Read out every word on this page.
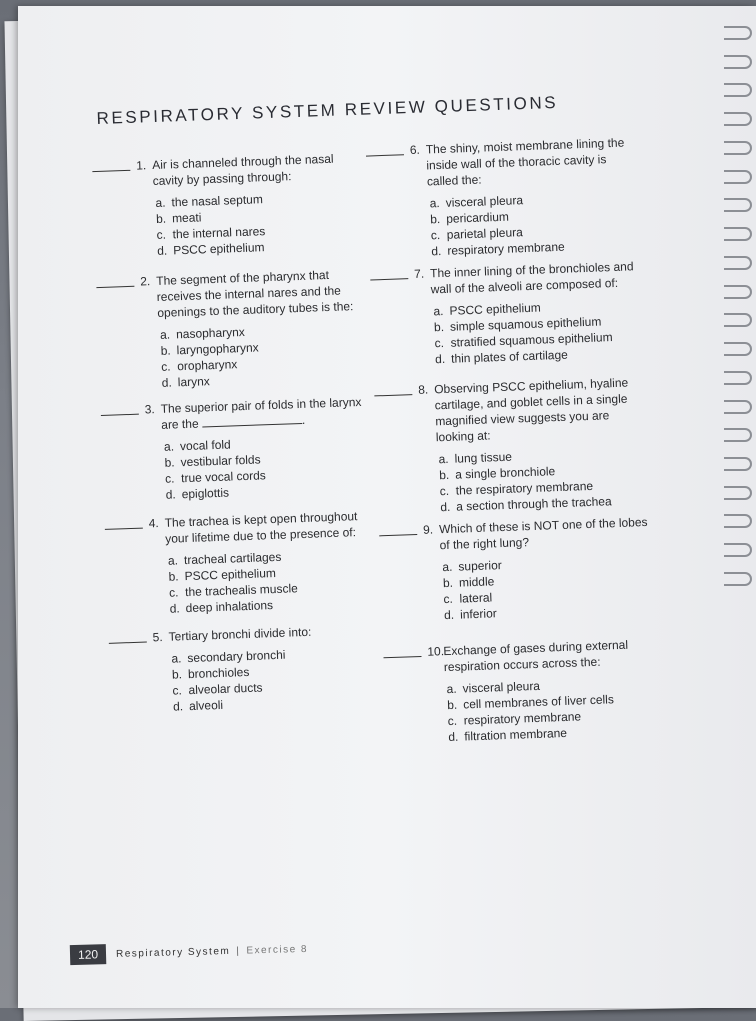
RESPIRATORY SYSTEM REVIEW QUESTIONS
1. Air is channeled through the nasal cavity by passing through:
a. the nasal septum
b. meati
c. the internal nares
d. PSCC epithelium
2. The segment of the pharynx that receives the internal nares and the openings to the auditory tubes is the:
a. nasopharynx
b. laryngopharynx
c. oropharynx
d. larynx
3. The superior pair of folds in the larynx are the	.
a. vocal fold
b. vestibular folds
c. true vocal cords
d. epiglottis
4. The trachea is kept open throughout your lifetime due to the presence of:
a. tracheal cartilages
b. PSCC epithelium
c. the trachealis muscle
d. deep inhalations
5. Tertiary bronchi divide into:
a. secondary bronchi
b. bronchioles
c. alveolar ducts
d. alveoli
6. The shiny, moist membrane lining the inside wall of the thoracic cavity is called the:
a. visceral pleura
b. pericardium
c. parietal pleura
d. respiratory membrane
7. The inner lining of the bronchioles and wall of the alveoli are composed of:
a. PSCC epithelium
b. simple squamous epithelium
c. stratified squamous epithelium
d. thin plates of cartilage
8. Observing PSCC epithelium, hyaline cartilage, and goblet cells in a single magnified view suggests you are looking at:
a. lung tissue
b. a single bronchiole
c. the respiratory membrane
d. a section through the trachea
9. Which of these is NOT one of the lobes of the right lung?
a. superior
b. middle
c. lateral
d. inferior
10.
Exchange of gases during external respiration occurs across the:
a. visceral pleura
b. cell membranes of liver cells
c. respiratory membrane
d. filtration membrane
120	Respiratory System | Exercise 8
